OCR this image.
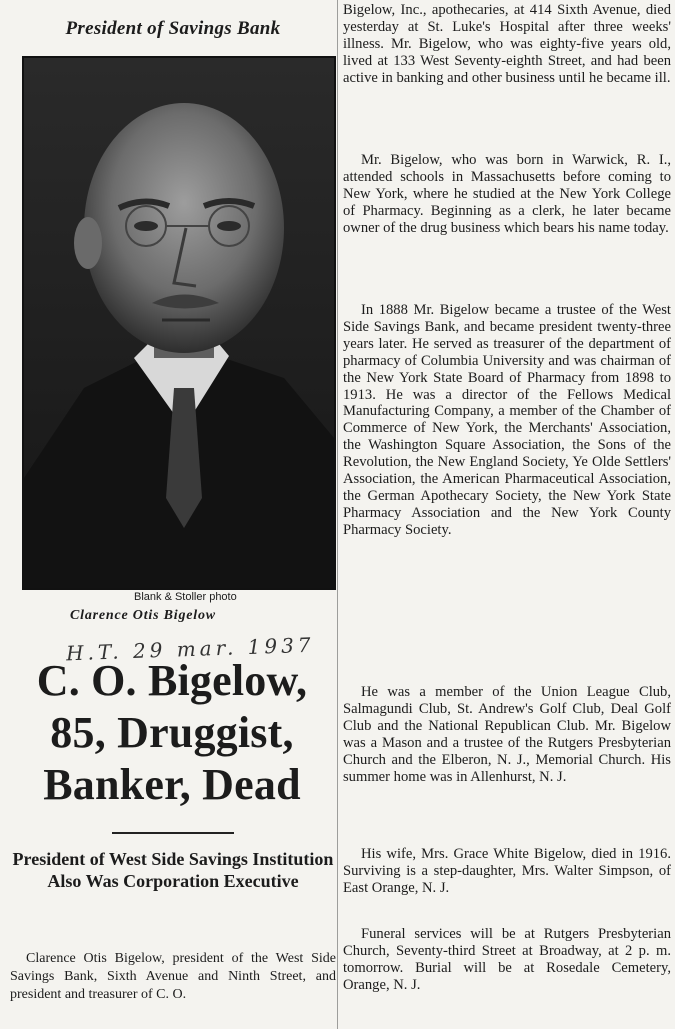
President of Savings Bank
Blank & Stoller photo
Clarence Otis Bigelow
H.T. 29 mar. 1937
C. O. Bigelow, 85, Druggist, Banker, Dead
President of West Side Savings Institution Also Was Corporation Executive
Clarence Otis Bigelow, president of the West Side Savings Bank, Sixth Avenue and Ninth Street, and president and treasurer of C. O.

Bigelow, Inc., apothecaries, at 414 Sixth Avenue, died yesterday at St. Luke's Hospital after three weeks' illness. Mr. Bigelow, who was eighty-five years old, lived at 133 West Seventy-eighth Street, and had been active in banking and other business until he became ill.

Mr. Bigelow, who was born in Warwick, R. I., attended schools in Massachusetts before coming to New York, where he studied at the New York College of Pharmacy. Beginning as a clerk, he later became owner of the drug business which bears his name today.

In 1888 Mr. Bigelow became a trustee of the West Side Savings Bank, and became president twenty-three years later. He served as treasurer of the department of pharmacy of Columbia University and was chairman of the New York State Board of Pharmacy from 1898 to 1913. He was a director of the Fellows Medical Manufacturing Company, a member of the Chamber of Commerce of New York, the Merchants' Association, the Washington Square Association, the Sons of the Revolution, the New England Society, Ye Olde Settlers' Association, the American Pharmaceutical Association, the German Apothecary Society, the New York State Pharmacy Association and the New York County Pharmacy Society.

He was a member of the Union League Club, Salmagundi Club, St. Andrew's Golf Club, Deal Golf Club and the National Republican Club. Mr. Bigelow was a Mason and a trustee of the Rutgers Presbyterian Church and the Elberon, N. J., Memorial Church. His summer home was in Allenhurst, N. J.

His wife, Mrs. Grace White Bigelow, died in 1916. Surviving is a step-daughter, Mrs. Walter Simpson, of East Orange, N. J.

Funeral services will be at Rutgers Presbyterian Church, Seventy-third Street at Broadway, at 2 p. m. tomorrow. Burial will be at Rosedale Cemetery, Orange, N. J.
